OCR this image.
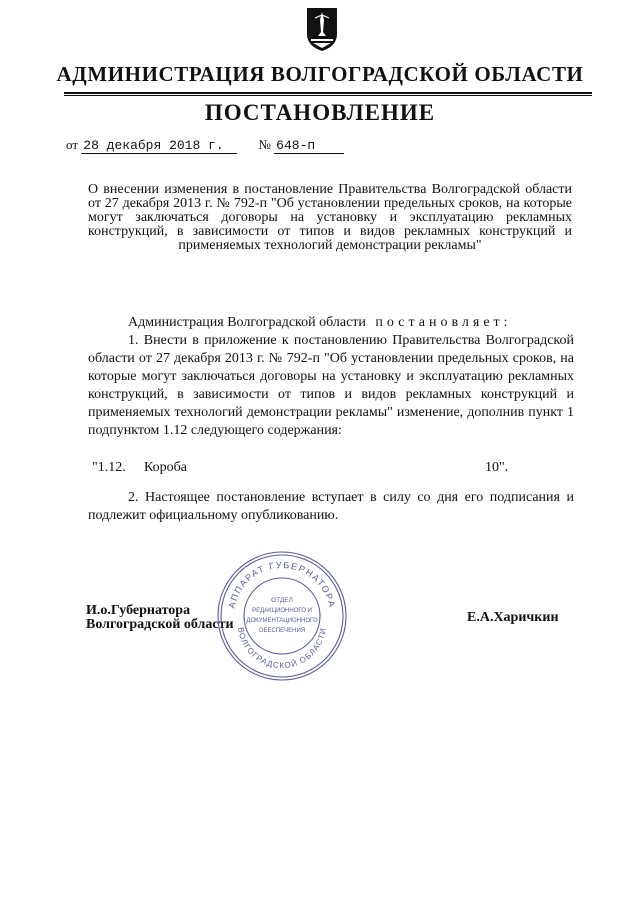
АДМИНИСТРАЦИЯ ВОЛГОГРАДСКОЙ ОБЛАСТИ
ПОСТАНОВЛЕНИЕ
от 28 декабря 2018 г.	№ 648-п
О внесении изменения в постановление Правительства Волгоградской области от 27 декабря 2013 г. № 792-п "Об установлении предельных сроков, на которые могут заключаться договоры на установку и эксплуатацию рекламных конструкций, в зависимости от типов и видов рекламных конструкций и применяемых технологий демонстрации рекламы"
Администрация Волгоградской области постановляет:
1. Внести в приложение к постановлению Правительства Волгоградской области от 27 декабря 2013 г. № 792-п "Об установлении предельных сроков, на которые могут заключаться договоры на установку и эксплуатацию рекламных конструкций, в зависимости от типов и видов рекламных конструкций и применяемых технологий демонстрации рекламы" изменение, дополнив пункт 1 подпунктом 1.12 следующего содержания:
"1.12. Короба	10".
2. Настоящее постановление вступает в силу со дня его подписания и подлежит официальному опубликованию.
И.о.Губернатора
Волгоградской области	Е.А.Харичкин
АППАРАТ ГУБЕРНАТОРА
ВОЛГОГРАДСКОЙ ОБЛАСТИ
ОТДЕЛ
РЕДАКЦИОННОГО И
ДОКУМЕНТАЦИОННОГО
ОБЕСПЕЧЕНИЯ
